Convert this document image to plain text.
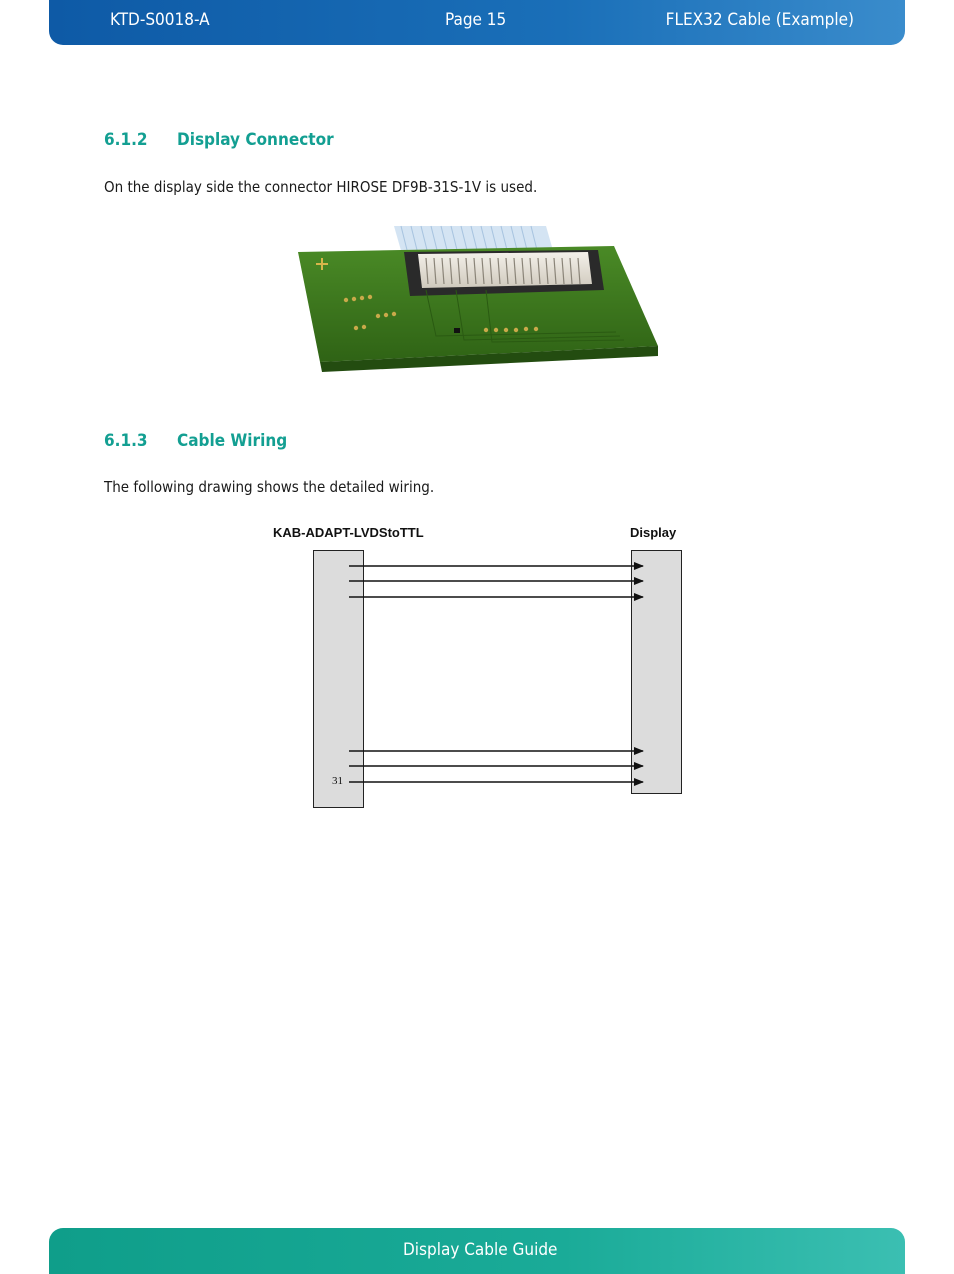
KTD-S0018-A	Page 15	FLEX32 Cable (Example)
6.1.2 Display Connector
On the display side the connector HIROSE DF9B-31S-1V is used.
6.1.3 Cable Wiring
The following drawing shows the detailed wiring.
KAB-ADAPT-LVDStoTTL	Display
31
Display Cable Guide
